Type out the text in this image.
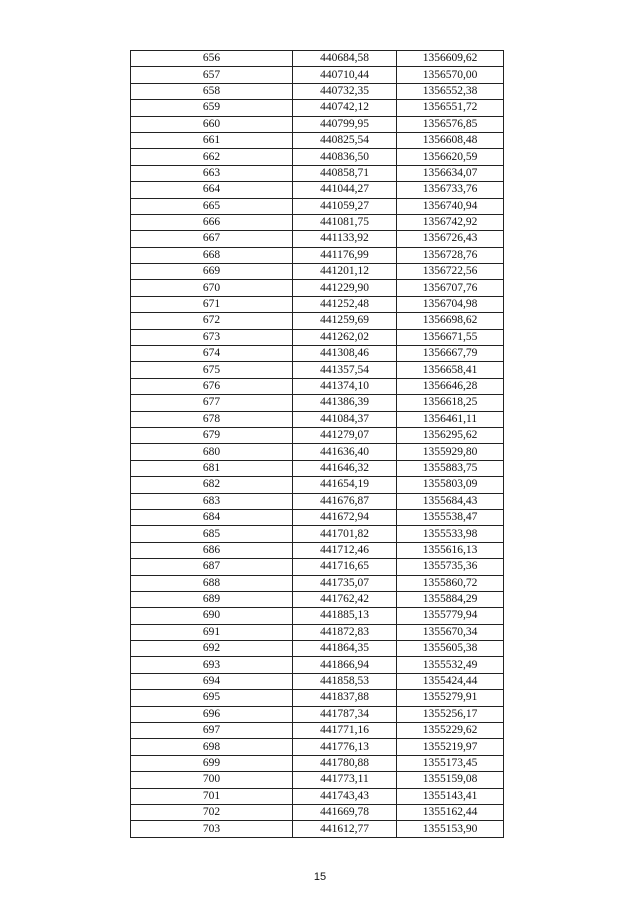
656	440684,58	1356609,62
657	440710,44	1356570,00
658	440732,35	1356552,38
659	440742,12	1356551,72
660	440799,95	1356576,85
661	440825,54	1356608,48
662	440836,50	1356620,59
663	440858,71	1356634,07
664	441044,27	1356733,76
665	441059,27	1356740,94
666	441081,75	1356742,92
667	441133,92	1356726,43
668	441176,99	1356728,76
669	441201,12	1356722,56
670	441229,90	1356707,76
671	441252,48	1356704,98
672	441259,69	1356698,62
673	441262,02	1356671,55
674	441308,46	1356667,79
675	441357,54	1356658,41
676	441374,10	1356646,28
677	441386,39	1356618,25
678	441084,37	1356461,11
679	441279,07	1356295,62
680	441636,40	1355929,80
681	441646,32	1355883,75
682	441654,19	1355803,09
683	441676,87	1355684,43
684	441672,94	1355538,47
685	441701,82	1355533,98
686	441712,46	1355616,13
687	441716,65	1355735,36
688	441735,07	1355860,72
689	441762,42	1355884,29
690	441885,13	1355779,94
691	441872,83	1355670,34
692	441864,35	1355605,38
693	441866,94	1355532,49
694	441858,53	1355424,44
695	441837,88	1355279,91
696	441787,34	1355256,17
697	441771,16	1355229,62
698	441776,13	1355219,97
699	441780,88	1355173,45
700	441773,11	1355159,08
701	441743,43	1355143,41
702	441669,78	1355162,44
703	441612,77	1355153,90
15
